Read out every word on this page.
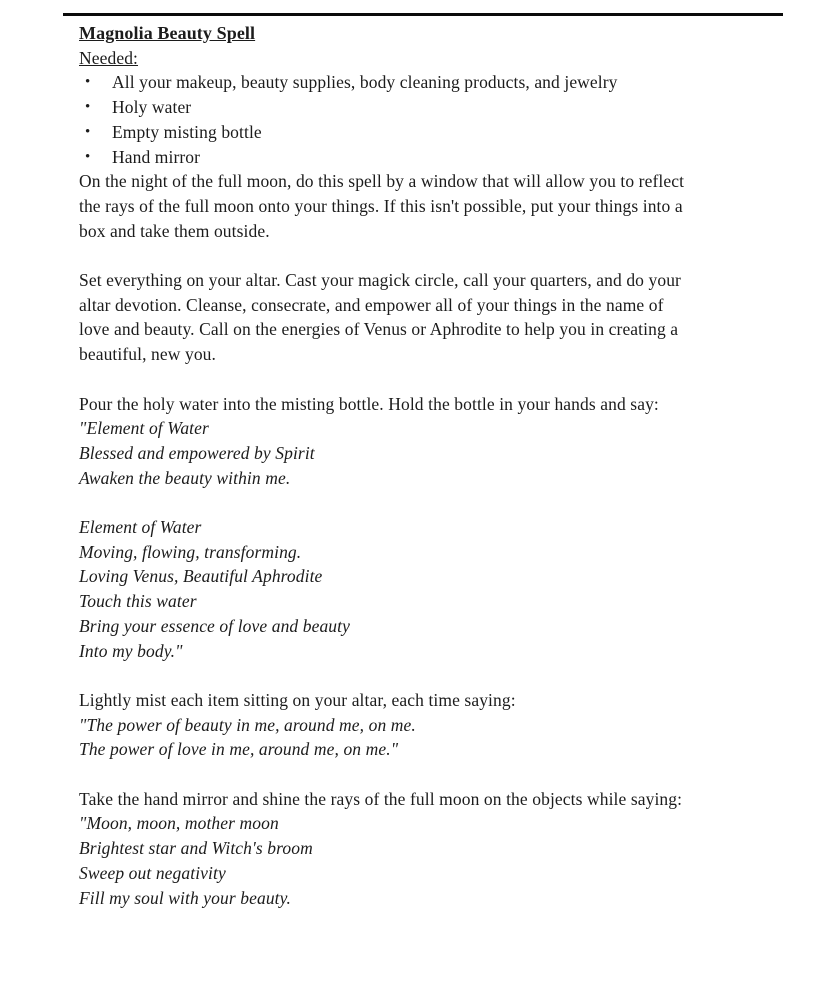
Magnolia Beauty Spell
Needed:
•	All your makeup, beauty supplies, body cleaning products, and jewelry
•	Holy water
•	Empty misting bottle
•	Hand mirror
On the night of the full moon, do this spell by a window that will allow you to reflect
the rays of the full moon onto your things. If this isn't possible, put your things into a
box and take them outside.
Set everything on your altar. Cast your magick circle, call your quarters, and do your
altar devotion. Cleanse, consecrate, and empower all of your things in the name of
love and beauty. Call on the energies of Venus or Aphrodite to help you in creating a
beautiful, new you.
Pour the holy water into the misting bottle. Hold the bottle in your hands and say:
"Element of Water
Blessed and empowered by Spirit
Awaken the beauty within me.
Element of Water
Moving, flowing, transforming.
Loving Venus, Beautiful Aphrodite
Touch this water
Bring your essence of love and beauty
Into my body."
Lightly mist each item sitting on your altar, each time saying:
"The power of beauty in me, around me, on me.
The power of love in me, around me, on me."
Take the hand mirror and shine the rays of the full moon on the objects while saying:
"Moon, moon, mother moon
Brightest star and Witch's broom
Sweep out negativity
Fill my soul with your beauty.
